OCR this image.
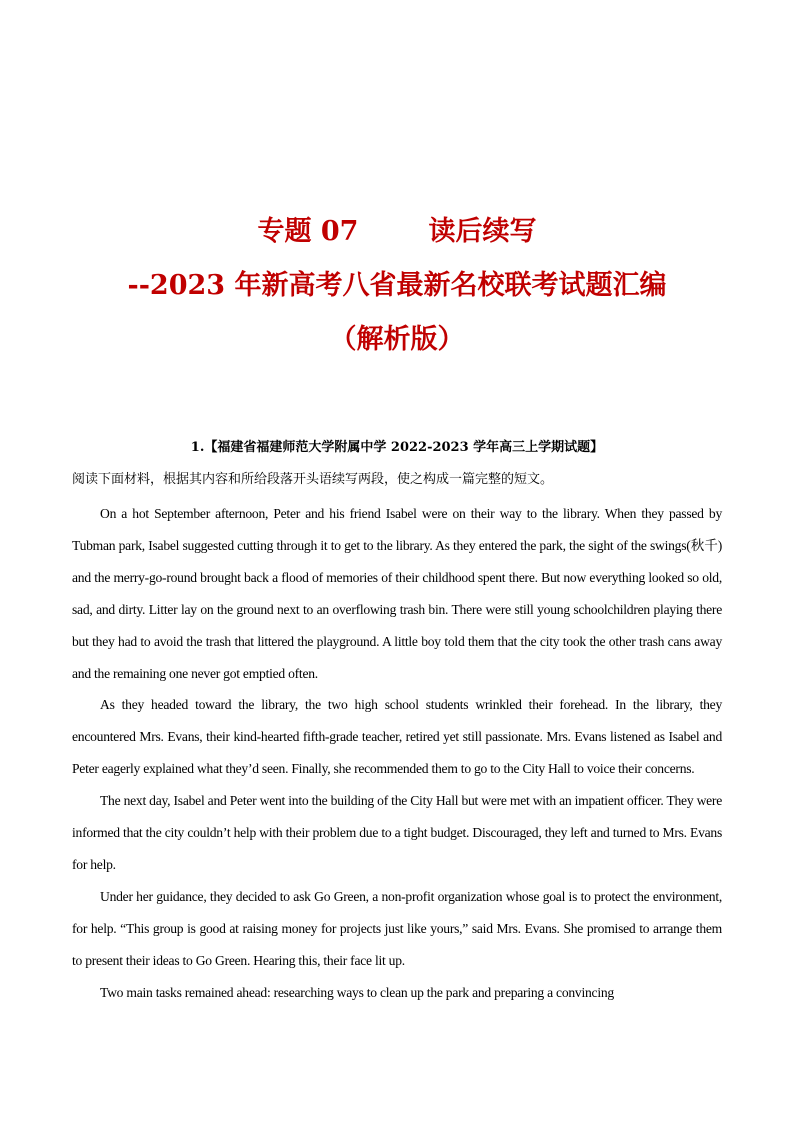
专题 07	读后续写
--2023 年新高考八省最新名校联考试题汇编
（解析版）
1.【福建省福建师范大学附属中学 2022-2023 学年高三上学期试题】
阅读下面材料，根据其内容和所给段落开头语续写两段，使之构成一篇完整的短文。

On a hot September afternoon, Peter and his friend Isabel were on their way to the library. When they passed by Tubman park, Isabel suggested cutting through it to get to the library. As they entered the park, the sight of the swings(秋千) and the merry-go-round brought back a flood of memories of their childhood spent there. But now everything looked so old, sad, and dirty. Litter lay on the ground next to an overflowing trash bin. There were still young schoolchildren playing there but they had to avoid the trash that littered the playground. A little boy told them that the city took the other trash cans away and the remaining one never got emptied often.

As they headed toward the library, the two high school students wrinkled their forehead. In the library, they encountered Mrs. Evans, their kind-hearted fifth-grade teacher, retired yet still passionate. Mrs. Evans listened as Isabel and Peter eagerly explained what they’d seen. Finally, she recommended them to go to the City Hall to voice their concerns.

The next day, Isabel and Peter went into the building of the City Hall but were met with an impatient officer. They were informed that the city couldn’t help with their problem due to a tight budget. Discouraged, they left and turned to Mrs. Evans for help.

Under her guidance, they decided to ask Go Green, a non-profit organization whose goal is to protect the environment, for help. “This group is good at raising money for projects just like yours,” said Mrs. Evans. She promised to arrange them to present their ideas to Go Green. Hearing this, their face lit up.

Two main tasks remained ahead: researching ways to clean up the park and preparing a convincing
